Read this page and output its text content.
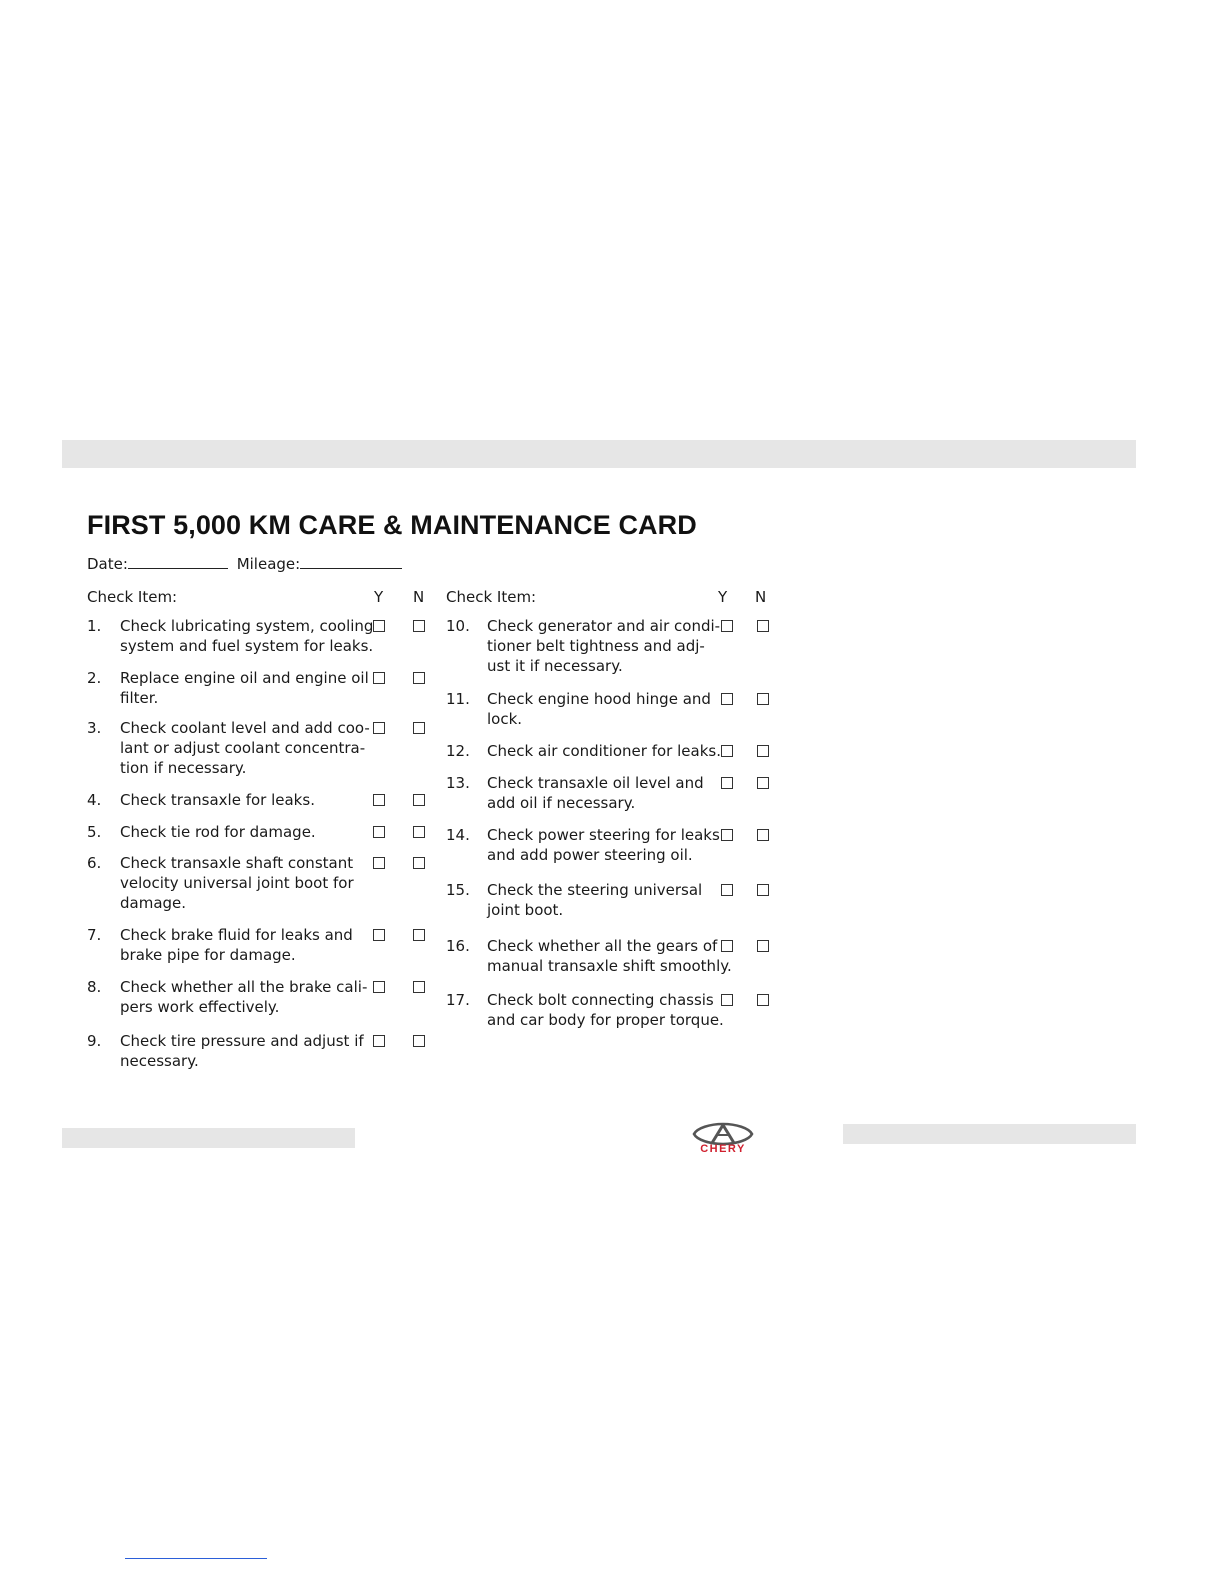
FIRST 5,000 KM CARE & MAINTENANCE CARD
Date:	Mileage:
Check Item:	Y N
1. Check lubricating system, cooling
system and fuel system for leaks.
2. Replace engine oil and engine oil
filter.
3. Check coolant level and add coo-
lant or adjust coolant concentra-
tion if necessary.
4. Check transaxle for leaks.
5. Check tie rod for damage.
6. Check transaxle shaft constant
velocity universal joint boot for
damage.
7. Check brake fluid for leaks and
brake pipe for damage.
8. Check whether all the brake cali-
pers work effectively.
9. Check tire pressure and adjust if
necessary.
Check Item:	Y N
10. Check generator and air condi-
tioner belt tightness and adj-
ust it if necessary.
11. Check engine hood hinge and
lock.
12. Check air conditioner for leaks.
13. Check transaxle oil level and
add oil if necessary.
14. Check power steering for leaks
and add power steering oil.
15. Check the steering universal
joint boot.
16. Check whether all the gears of
manual transaxle shift smoothly.
17. Check bolt connecting chassis
and car body for proper torque.
CHERY
